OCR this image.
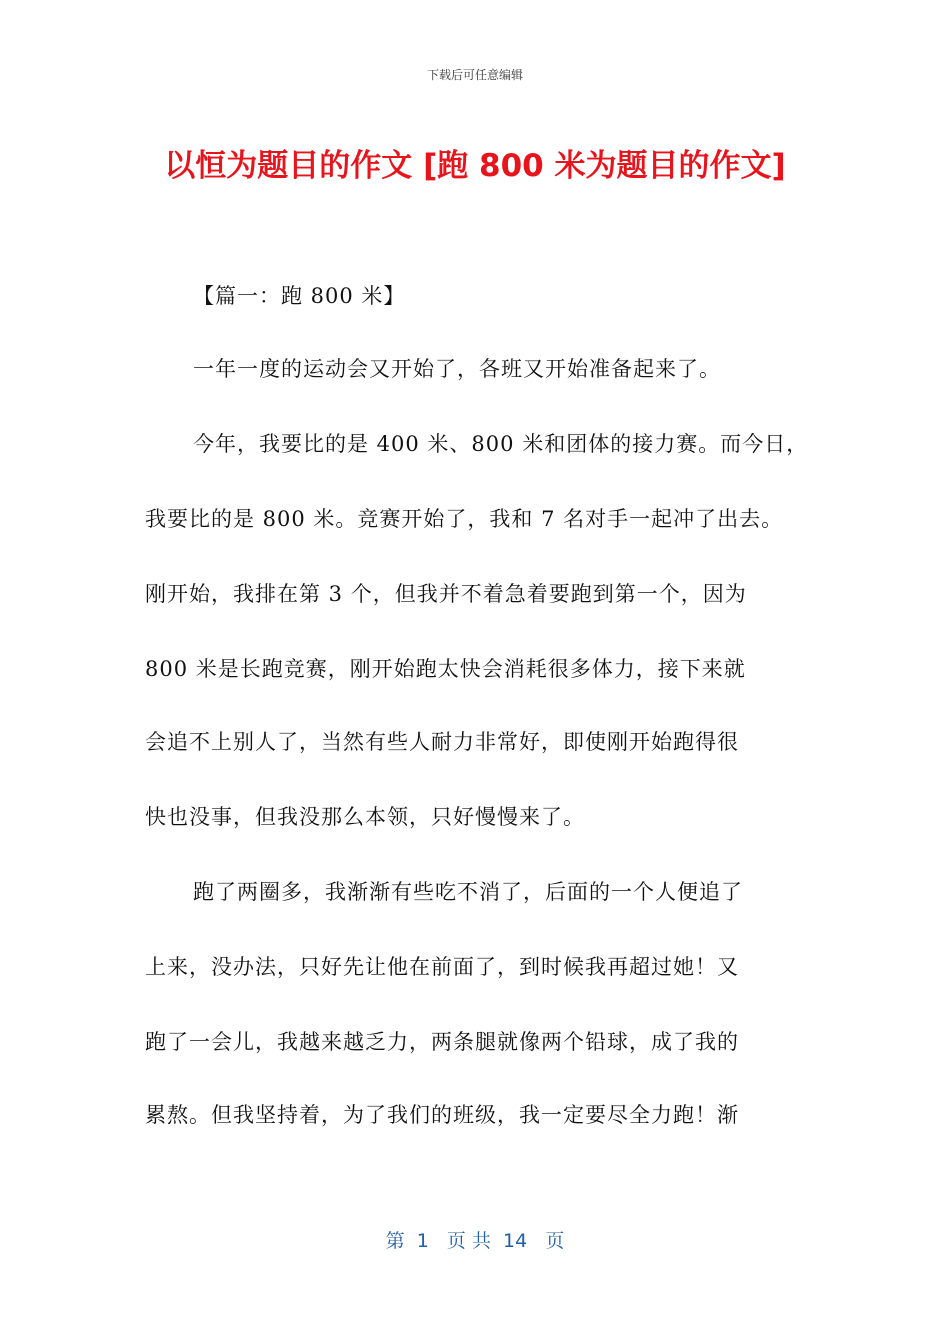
下载后可任意编辑
以恒为题目的作文 [跑 800 米为题目的作文]
【篇一：跑 800 米】
一年一度的运动会又开始了，各班又开始准备起来了。
今年，我要比的是 400 米、800 米和团体的接力赛。而今日，
我要比的是 800 米。竞赛开始了，我和 7 名对手一起冲了出去。
刚开始，我排在第 3 个，但我并不着急着要跑到第一个，因为
800 米是长跑竞赛，刚开始跑太快会消耗很多体力，接下来就
会追不上别人了，当然有些人耐力非常好，即使刚开始跑得很
快也没事，但我没那么本领，只好慢慢来了。
跑了两圈多，我渐渐有些吃不消了，后面的一个人便追了
上来，没办法，只好先让他在前面了，到时候我再超过她！又
跑了一会儿，我越来越乏力，两条腿就像两个铅球，成了我的
累熬。但我坚持着，为了我们的班级，我一定要尽全力跑！渐
第  1   页 共  14   页
